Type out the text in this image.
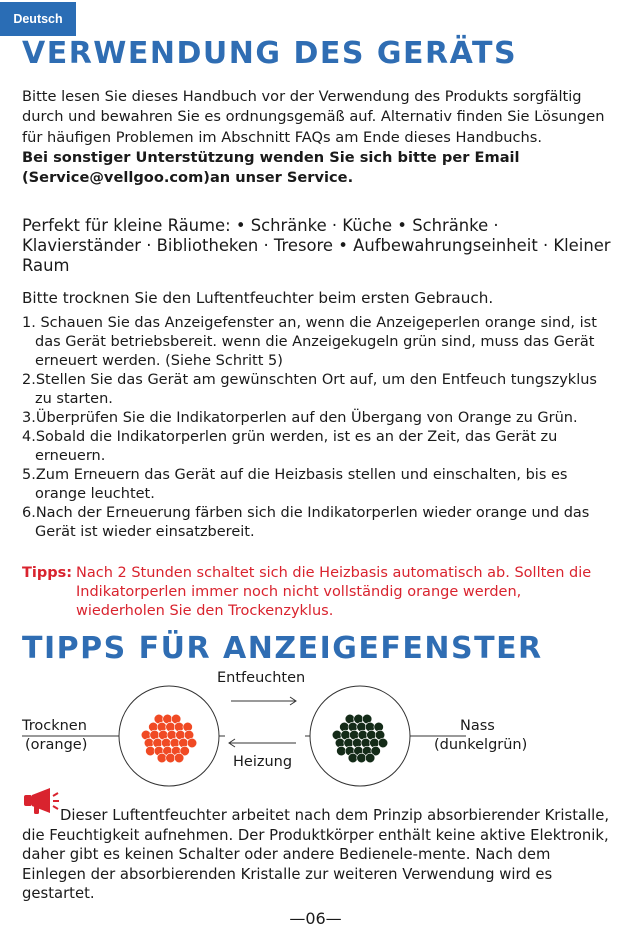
Deutsch
VERWENDUNG DES GERÄTS

Bitte lesen Sie dieses Handbuch vor der Verwendung des Produkts sorgfältig durch und bewahren Sie es ordnungsgemäß auf. Alternativ finden Sie Lösungen für häufigen Problemen im Abschnitt FAQs am Ende dieses Handbuchs.

Bei sonstiger Unterstützung wenden Sie sich bitte per Email (Service@vellgoo.com)an unser Service.

Perfekt für kleine Räume: • Schränke · Küche • Schränke · Klavierständer · Bibliotheken · Tresore • Aufbewahrungseinheit · Kleiner Raum
Bitte trocknen Sie den Luftentfeuchter beim ersten Gebrauch.
1. Schauen Sie das Anzeigefenster an, wenn die Anzeigeperlen orange sind, ist das Gerät betriebsbereit. wenn die Anzeigekugeln grün sind, muss das Gerät erneuert werden. (Siehe Schritt 5)
2.Stellen Sie das Gerät am gewünschten Ort auf, um den Entfeuch tungszyklus zu starten.
3.Überprüfen Sie die Indikatorperlen auf den Übergang von Orange zu Grün.
4.Sobald die Indikatorperlen grün werden, ist es an der Zeit, das Gerät zu erneuern.
5.Zum Erneuern das Gerät auf die Heizbasis stellen und einschalten, bis es orange leuchtet.
6.Nach der Erneuerung färben sich die Indikatorperlen wieder orange und das Gerät ist wieder einsatzbereit.
Tipps: Nach 2 Stunden schaltet sich die Heizbasis automatisch ab. Sollten die Indikatorperlen immer noch nicht vollständig orange werden, wiederholen Sie den Trockenzyklus.
TIPPS FÜR ANZEIGEFENSTER
Trocknen
(orange)
Nass
(dunkelgrün)
Entfeuchten
Heizung
Dieser Luftentfeuchter arbeitet nach dem Prinzip absorbierender Kristalle, die Feuchtigkeit aufnehmen. Der Produktkörper enthält keine aktive Elektronik, daher gibt es keinen Schalter oder andere Bedienele-mente. Nach dem Einlegen der absorbierenden Kristalle zur weiteren Verwendung wird es gestartet.
—06—
